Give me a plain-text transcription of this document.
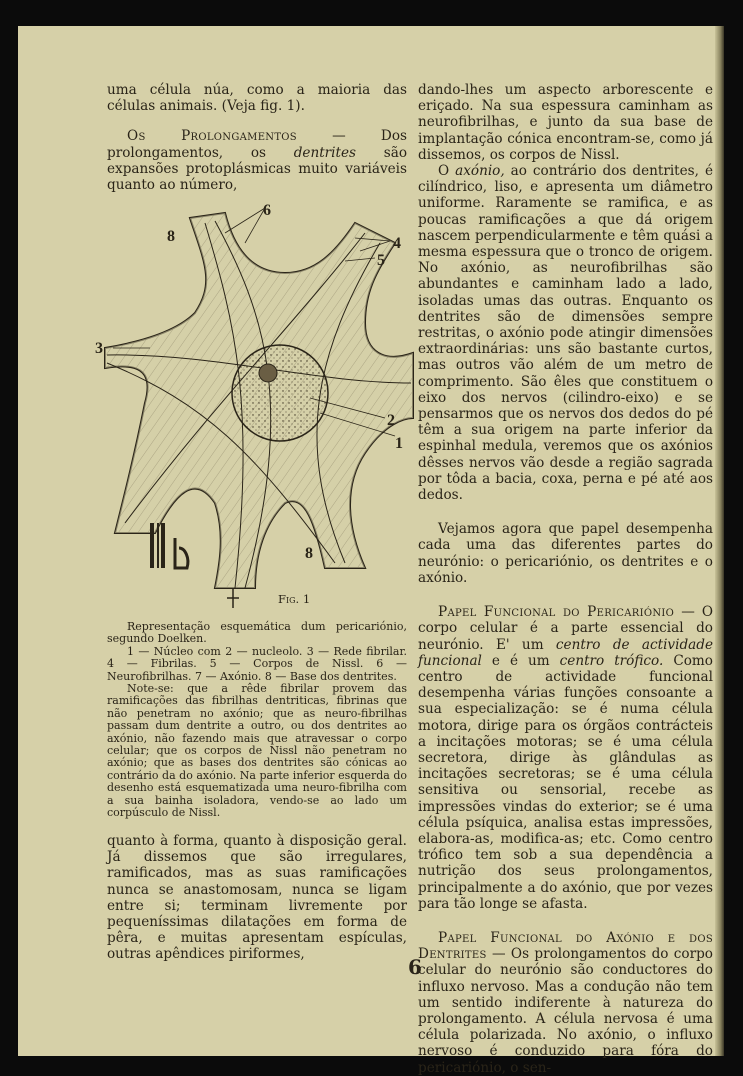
uma célula núa, como a maioria das células animais. (Veja fig. 1).

Os Prolongamentos — Dos prolongamentos, os dentrites são expansões protoplásmicas muito variáveis quanto ao número,

6
8	4
5
3
2
1
8
Fig. 1

Representação esquemática dum pericariónio, segundo Doelken.

1 — Núcleo com 2 — nucleolo. 3 — Rede fibrilar. 4 — Fibrilas. 5 — Corpos de Nissl. 6 — Neurofibrilhas. 7 — Axónio. 8 — Base dos dentrites.

Note-se: que a rêde fibrilar provem das ramificações das fibrilhas dentriticas, fibrinas que não penetram no axónio; que as neuro-fibrilhas passam dum dentrite a outro, ou dos dentrites ao axónio, não fazendo mais que atravessar o corpo celular; que os corpos de Nissl não penetram no axónio; que as bases dos dentrites são cónicas ao contrário da do axónio. Na parte inferior esquerda do desenho está esquematizada uma neuro-fibrilha com a sua bainha isoladora, vendo-se ao lado um corpúsculo de Nissl.

quanto à forma, quanto à disposição geral. Já dissemos que são irregulares, ramificados, mas as suas ramificações nunca se anastomosam, nunca se ligam entre si; terminam livremente por pequeníssimas dilatações em forma de pêra, e muitas apresentam espículas, outras apêndices piriformes,

dando-lhes um aspecto arborescente e eriçado. Na sua espessura caminham as neurofibrilhas, e junto da sua base de implantação cónica encontram-se, como já dissemos, os corpos de Nissl.

O axónio, ao contrário dos dentrites, é cilíndrico, liso, e apresenta um diâmetro uniforme. Raramente se ramifica, e as poucas ramificações a que dá origem nascem perpendicularmente e têm quási a mesma espessura que o tronco de origem. No axónio, as neurofibrilhas são abundantes e caminham lado a lado, isoladas umas das outras. Enquanto os dentrites são de dimensões sempre restritas, o axónio pode atingir dimensões extraordinárias: uns são bastante curtos, mas outros vão além de um metro de comprimento. São êles que constituem o eixo dos nervos (cilindro-eixo) e se pensarmos que os nervos dos dedos do pé têm a sua origem na parte inferior da espinhal medula, veremos que os axónios dêsses nervos vão desde a região sagrada por tôda a bacia, coxa, perna e pé até aos dedos.

Vejamos agora que papel desempenha cada uma das diferentes partes do neurónio: o pericariónio, os dentrites e o axónio.

Papel Funcional do Pericariónio — O corpo celular é a parte essencial do neurónio. E' um centro de actividade funcional e é um centro trófico. Como centro de actividade funcional desempenha várias funções consoante a sua especialização: se é numa célula motora, dirige para os órgãos contrácteis a incitações motoras; se é uma célula secretora, dirige às glândulas as incitações secretoras; se é uma célula sensitiva ou sensorial, recebe as impressões vindas do exterior; se é uma célula psíquica, analisa estas impressões, elabora-as, modifica-as; etc. Como centro trófico tem sob a sua dependência a nutrição dos seus prolongamentos, principalmente a do axónio, que por vezes para tão longe se afasta.

Papel Funcional do Axónio e dos Dentrites — Os prolongamentos do corpo celular do neurónio são conductores do influxo nervoso. Mas a condução não tem um sentido indiferente à natureza do prolongamento. A célula nervosa é uma célula polarizada. No axónio, o influxo nervoso é conduzido para fóra do pericariónio, o sen-

6
